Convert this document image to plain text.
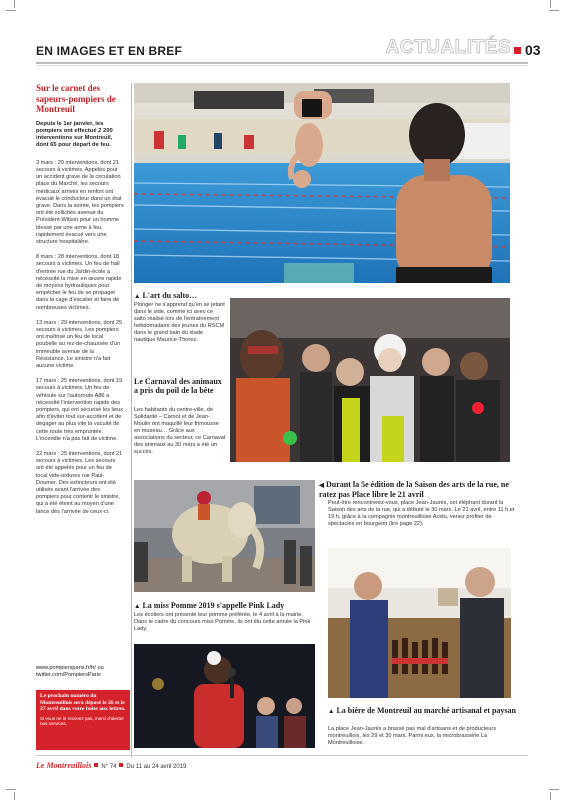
EN IMAGES ET EN BREF	ACTUALITÉS 03
Sur le carnet des sapeurs-pompiers de Montreuil
Depuis le 1er janvier, les pompiers ont effectué 2 200 interventions sur Montreuil, dont 65 pour départ de feu.
3 mars : 29 interventions, dont 21 secours à victimes. Appelés pour un accident grave de la circulation place du Marché, les secours médicaux arrivés en renfort ont évacué le conducteur dans un état grave. Dans la soirée, les pompiers ont été sollicités avenue du Président-Wilson pour un homme blessé par une arme à feu, rapidement évacué vers une structure hospitalière.
8 mars : 28 interventions, dont 18 secours à victimes. Un feu de hall d'entrée rue du Jardin-école a nécessité la mise en œuvre rapide de moyens hydrauliques pour empêcher le feu de se propager dans la cage d'escalier et faire de nombreuses victimes.
13 mars : 29 interventions, dont 25 secours à victimes. Les pompiers ont maîtrisé un feu de local poubelle au rez-de-chaussée d'un immeuble avenue de la Résistance. Le sinistre n'a fait aucune victime.
17 mars : 25 interventions, dont 19 secours à victimes. Un feu de véhicule sur l'autoroute A86 a nécessité l'intervention rapide des pompiers, qui ont sécurisé les lieux afin d'éviter tout sur-accident et de dégager au plus vite la vacuité de cette route très empruntée. L'incendie n'a pas fait de victime.
22 mars : 25 interventions, dont 21 secours à victimes. Les secours ont été appelés pour un feu de local vide-ordures rue Paul-Doumer. Des extincteurs ont été utilisés avant l'arrivée des pompiers pour contenir le sinistre, qui a été éteint au moyen d'une lance dès l'arrivée de ceux-ci.
www.pompiersparis.fr/fr/ ou
twitter.com/PompiersParis
Le prochain numéro du Montreuillois sera déposé le 26 et le 27 avril dans votre boîte aux lettres.
Si vous ne le recevez pas, merci d'alerter nos services.

▲ L'art du salto…
Plonger ne s'apprend qu'en se jetant dans le vide, comme ici avec ce salto réalisé lors de l'entraînement hebdomadaire des jeunes du RSCM dans le grand bain du stade nautique Maurice-Thorez.
Le Carnaval des animaux a pris du poil de la bête
Les habitants du centre-ville, de Solidarité – Carnot et de Jean-Moulin ont maquillé leur frimousse en museau… Grâce aux associations du secteur, ce Carnaval des animaux au 30 mars a été un succès.
◀ Durant la 5e édition de la Saison des arts de la rue, ne ratez pas Place libre le 21 avril
Peut-être rencontrerez-vous, place Jean-Jaurès, cet éléphant durant la Saison des arts de la rue, qui a débuté le 30 mars. Le 21 avril, entre 11 h et 19 h, grâce à la compagnie montreuilloise Acidu, venez profiter de spectacles en bourgeon (lire page 22).
▲ La miss Pomme 2019 s'appelle Pink Lady
Les écoliers ont présenté leur pomme préférée, le 4 avril à la mairie. Dans le cadre du concours miss Pomme, ils ont élu cette année la Pink Lady.
▲ La bière de Montreuil au marché artisanal et paysan
La place Jean-Jaurès a brassé pas mal d'artisans et de producteurs montreuillois, les 29 et 30 mars. Parmi eux, la microbrasserie La Montreuilloise.
Le Montreuillois N° 74 Du 11 au 24 avril 2019
